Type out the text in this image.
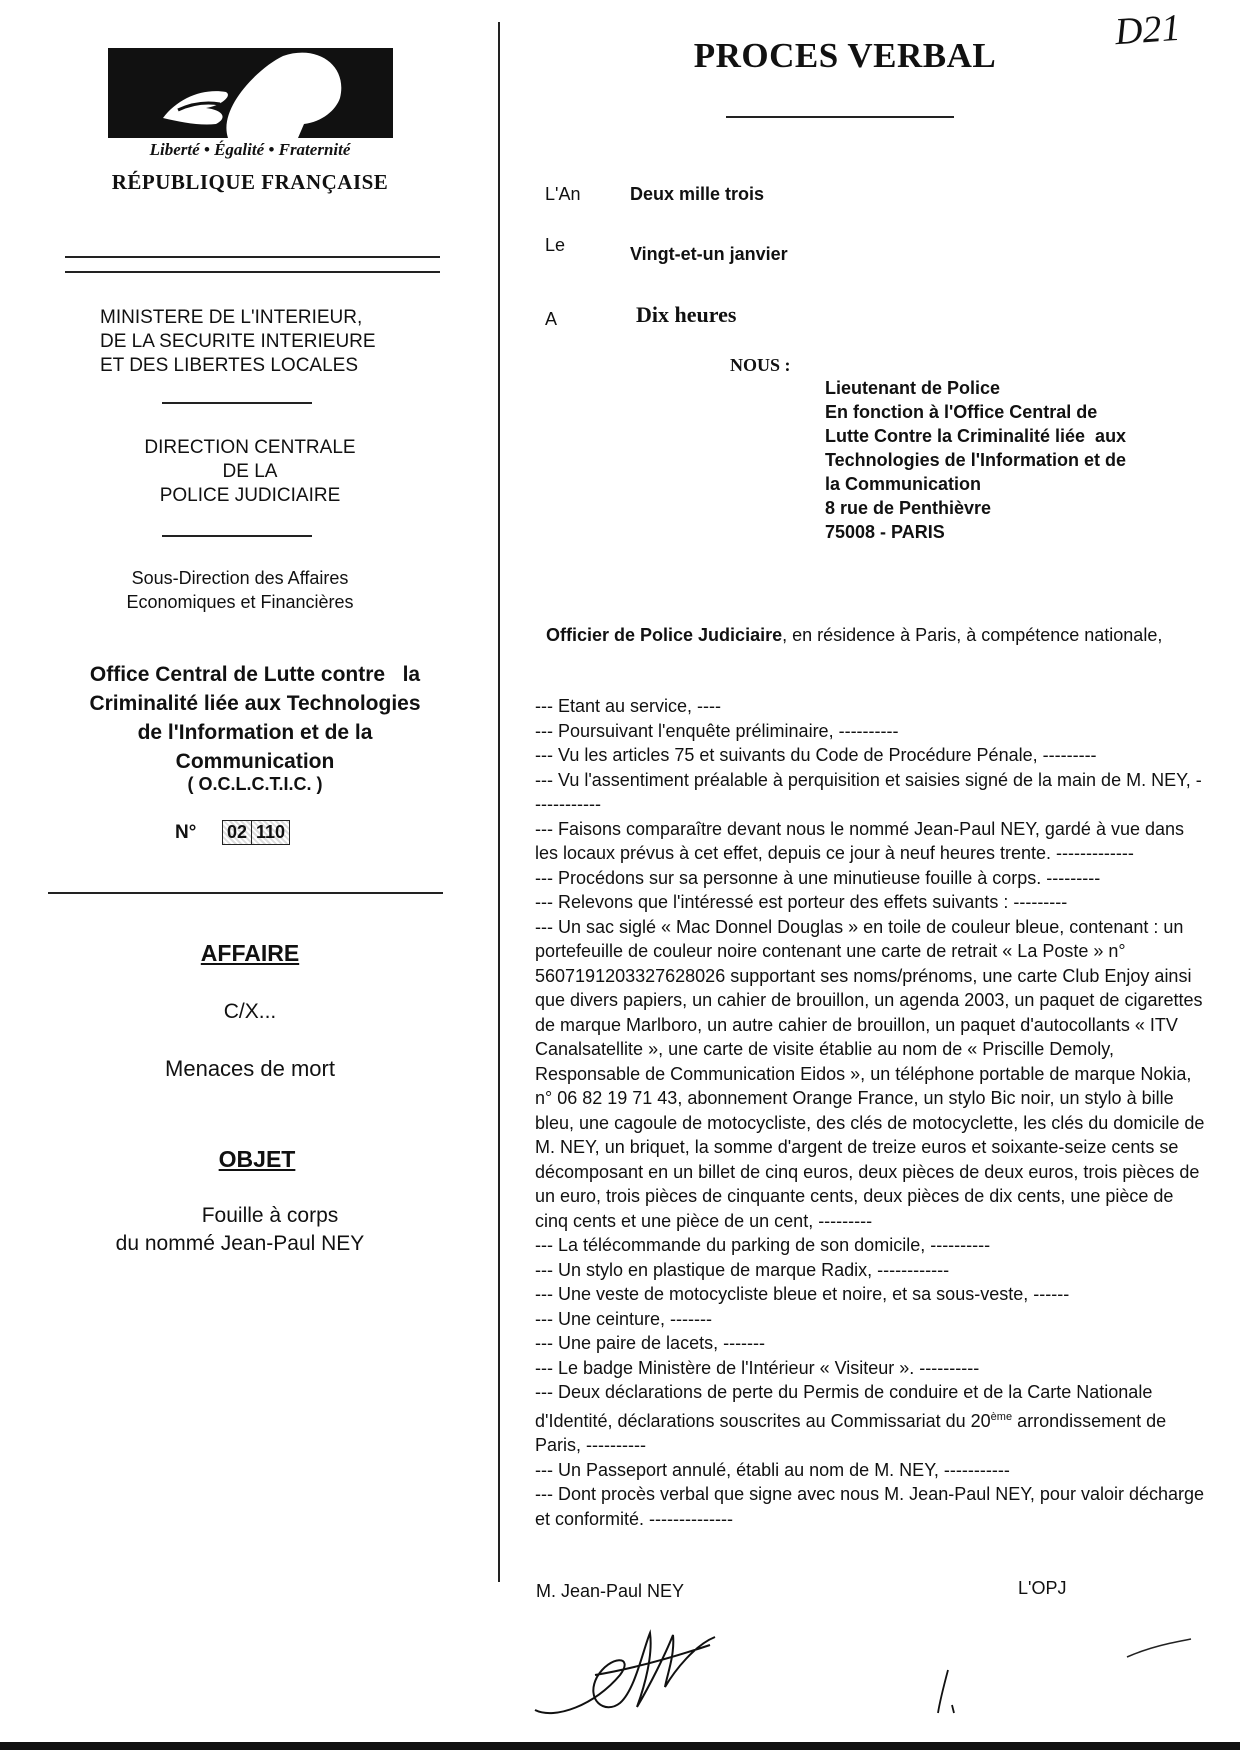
D21
Liberté • Égalité • Fraternité
RÉPUBLIQUE FRANÇAISE
MINISTERE DE L'INTERIEUR,
DE LA SECURITE INTERIEURE
ET DES LIBERTES LOCALES
DIRECTION CENTRALE
DE LA
POLICE JUDICIAIRE
Sous-Direction des Affaires
Economiques et Financières
Office Central de Lutte contre   la
Criminalité liée aux Technologies
de l'Information et de la
Communication
( O.C.L.C.T.I.C. )
N° 02 110
AFFAIRE
C/X...
Menaces de mort
OBJET
Fouille à corps
du nommé Jean-Paul NEY
PROCES VERBAL
L'An	Deux mille trois
Le	Vingt-et-un janvier
A	Dix heures
NOUS :
Lieutenant de Police
En fonction à l'Office Central de
Lutte Contre la Criminalité liée  aux
Technologies de l'Information et de
la Communication
8 rue de Penthièvre
75008 - PARIS
Officier de Police Judiciaire, en résidence à Paris, à compétence nationale,

--- Etant au service, ----

--- Poursuivant l'enquête préliminaire, ----------

--- Vu les articles 75 et suivants du Code de Procédure Pénale, ---------

--- Vu l'assentiment préalable à perquisition et saisies signé de la main de M. NEY, ------------

--- Faisons comparaître devant nous le nommé Jean-Paul NEY, gardé à vue dans les locaux prévus à cet effet, depuis ce jour à neuf heures trente. -------------

--- Procédons sur sa personne à une minutieuse fouille à corps. ---------

--- Relevons que l'intéressé est porteur des effets suivants : ---------

--- Un sac siglé « Mac Donnel Douglas » en toile de couleur bleue, contenant : un portefeuille de couleur noire contenant une carte de retrait « La Poste » n° 5607191203327628026 supportant ses noms/prénoms, une carte Club Enjoy ainsi que divers papiers, un cahier de brouillon, un agenda 2003, un paquet de cigarettes de marque Marlboro, un autre cahier de brouillon, un paquet d'autocollants « ITV Canalsatellite », une carte de visite établie au nom de « Priscille Demoly, Responsable de Communication Eidos », un téléphone portable de marque Nokia, n° 06 82 19 71 43, abonnement Orange France, un stylo Bic noir, un stylo à bille bleu, une cagoule de motocycliste, des clés de motocyclette, les clés du domicile de M. NEY, un briquet, la somme d'argent de treize euros et soixante-seize cents se décomposant en un billet de cinq euros, deux pièces de deux euros, trois pièces de un euro, trois pièces de cinquante cents, deux pièces de dix cents, une pièce de cinq cents et une pièce de un cent, ---------

--- La télécommande du parking de son domicile, ----------

--- Un stylo en plastique de marque Radix, ------------

--- Une veste de motocycliste bleue et noire, et sa sous-veste, ------

--- Une ceinture, -------

--- Une paire de lacets, -------

--- Le badge Ministère de l'Intérieur « Visiteur ». ----------

--- Deux déclarations de perte du Permis de conduire et de la Carte Nationale d'Identité, déclarations souscrites au Commissariat du 20ème arrondissement de Paris, ----------

--- Un Passeport annulé, établi au nom de M. NEY, -----------

--- Dont procès verbal que signe avec nous M. Jean-Paul NEY, pour valoir décharge et conformité. --------------

M. Jean-Paul NEY	L'OPJ
